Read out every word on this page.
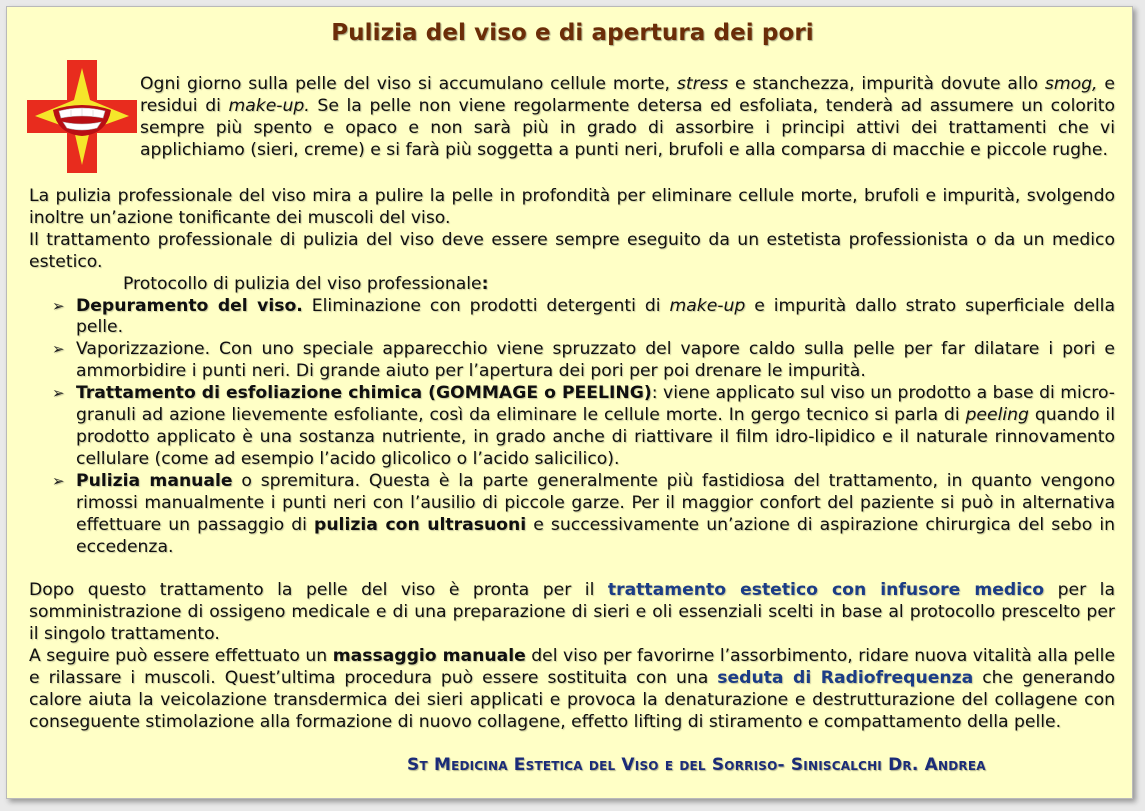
Pulizia del viso e di apertura dei pori
Ogni giorno sulla pelle del viso si accumulano cellule morte, stress e stanchezza, impurità dovute allo smog, e residui di make-up. Se la pelle non viene regolarmente detersa ed esfoliata, tenderà ad assumere un colorito sempre più spento e opaco e non sarà più in grado di assorbire i principi attivi dei trattamenti che vi applichiamo (sieri, creme) e si farà più soggetta a punti neri, brufoli e alla comparsa di macchie e piccole rughe.

La pulizia professionale del viso mira a pulire la pelle in profondità per eliminare cellule morte, brufoli e impurità, svolgendo inoltre un’azione tonificante dei muscoli del viso.

Il trattamento professionale di pulizia del viso deve essere sempre eseguito da un estetista professionista o da un medico estetico.

Protocollo di pulizia del viso professionale:

➢ Depuramento del viso. Eliminazione con prodotti detergenti di make-up e impurità dallo strato superficiale della pelle.
➢ Vaporizzazione. Con uno speciale apparecchio viene spruzzato del vapore caldo sulla pelle per far dilatare i pori e ammorbidire i punti neri. Di grande aiuto per l’apertura dei pori per poi drenare le impurità.
➢ Trattamento di esfoliazione chimica (GOMMAGE o PEELING): viene applicato sul viso un prodotto a base di micro-granuli ad azione lievemente esfoliante, così da eliminare le cellule morte. In gergo tecnico si parla di peeling quando il prodotto applicato è una sostanza nutriente, in grado anche di riattivare il film idro-lipidico e il naturale rinnovamento cellulare (come ad esempio l’acido glicolico o l’acido salicilico).
➢ Pulizia manuale o spremitura. Questa è la parte generalmente più fastidiosa del trattamento, in quanto vengono rimossi manualmente i punti neri con l’ausilio di piccole garze. Per il maggior confort del paziente si può in alternativa effettuare un passaggio di pulizia con ultrasuoni e successivamente un’azione di aspirazione chirurgica del sebo in eccedenza.

Dopo questo trattamento la pelle del viso è pronta per il trattamento estetico con infusore medico per la somministrazione di ossigeno medicale e di una preparazione di sieri e oli essenziali scelti in base al protocollo prescelto per il singolo trattamento.

A seguire può essere effettuato un massaggio manuale del viso per favorirne l’assorbimento, ridare nuova vitalità alla pelle e rilassare i muscoli. Quest’ultima procedura può essere sostituita con una seduta di Radiofrequenza che generando calore aiuta la veicolazione transdermica dei sieri applicati e provoca la denaturazione e destrutturazione del collagene con conseguente stimolazione alla formazione di nuovo collagene, effetto lifting di stiramento e compattamento della pelle.

St Medicina Estetica del Viso e del Sorriso- Siniscalchi Dr. Andrea
